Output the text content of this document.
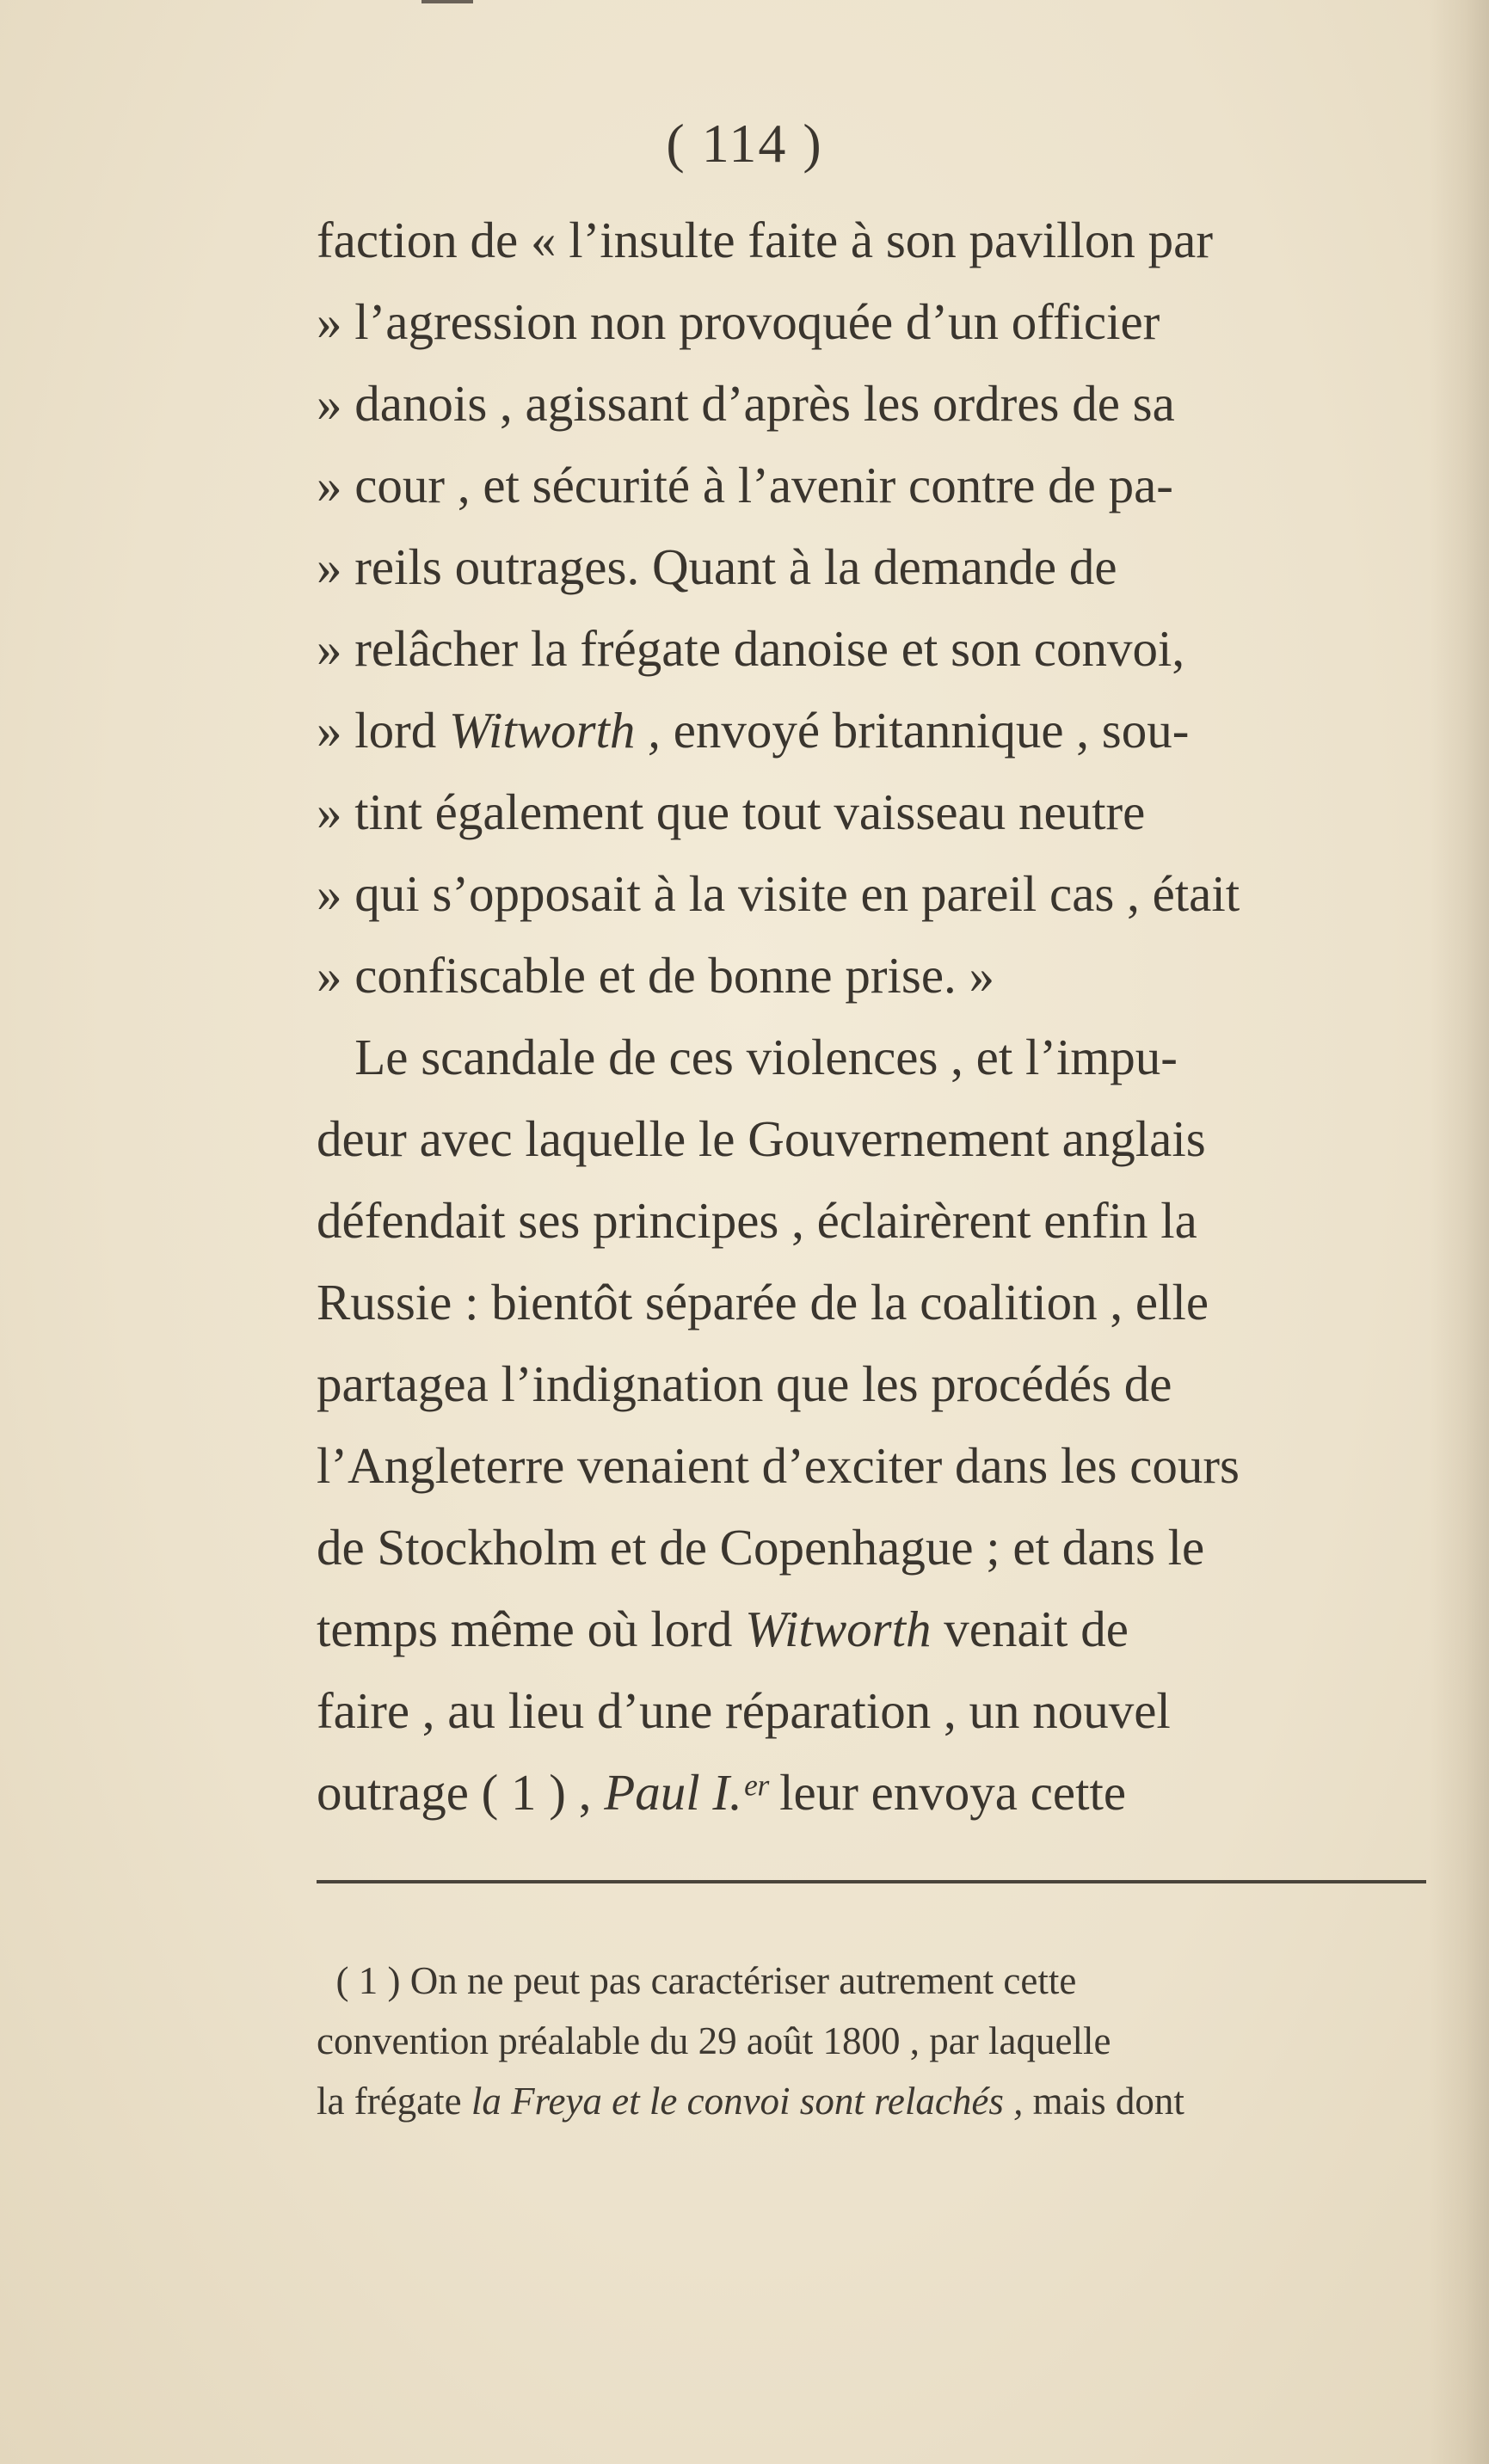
( 114 )
faction de « l’insulte faite à son pavillon par
» l’agression non provoquée d’un officier
» danois , agissant d’après les ordres de sa
» cour , et sécurité à l’avenir contre de pa-
» reils outrages. Quant à la demande de
» relâcher la frégate danoise et son convoi,
» lord Witworth , envoyé britannique , sou-
» tint également que tout vaisseau neutre
» qui s’opposait à la visite en pareil cas , était
» confiscable et de bonne prise. »
Le scandale de ces violences , et l’impu-
deur avec laquelle le Gouvernement anglais
défendait ses principes , éclairèrent enfin la
Russie : bientôt séparée de la coalition , elle
partagea l’indignation que les procédés de
l’Angleterre venaient d’exciter dans les cours
de Stockholm et de Copenhague ; et dans le
temps même où lord Witworth venait de
faire , au lieu d’une réparation , un nouvel
outrage ( 1 ) , Paul I.ᵉʳ leur envoya cette
( 1 ) On ne peut pas caractériser autrement cette
convention préalable du 29 août 1800 , par laquelle
la frégate la Freya et le convoi sont relachés , mais dont
